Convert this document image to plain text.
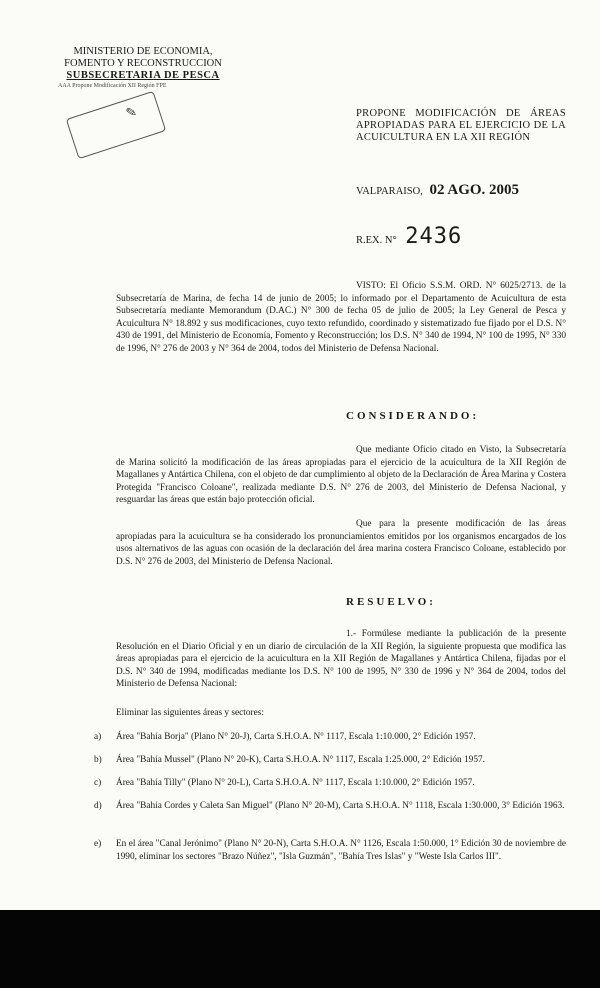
MINISTERIO DE ECONOMIA,
FOMENTO Y RECONSTRUCCION
SUBSECRETARIA DE PESCA
AAA Propone Modificación XII Región FPE
✎	PROPONE MODIFICACIÓN DE ÁREAS APROPIADAS PARA EL EJERCICIO DE LA ACUICULTURA EN LA XII REGIÓN
VALPARAISO, 02 AGO. 2005
R.EX. N° 2436
VISTO: El Oficio S.S.M. ORD. N° 6025/2713. de la Subsecretaría de Marina, de fecha 14 de junio de 2005; lo informado por el Departamento de Acuicultura de esta Subsecretaría mediante Memorandum (D.AC.) N° 300 de fecha 05 de julio de 2005; la Ley General de Pesca y Acuicultura N° 18.892 y sus modificaciones, cuyo texto refundido, coordinado y sistematizado fue fijado por el D.S. N° 430 de 1991, del Ministerio de Economía, Fomento y Reconstrucción; los D.S. N° 340 de 1994, N° 100 de 1995, N° 330 de 1996, N° 276 de 2003 y N° 364 de 2004, todos del Ministerio de Defensa Nacional.
CONSIDERANDO:
Que mediante Oficio citado en Visto, la Subsecretaría de Marina solicitó la modificación de las áreas apropiadas para el ejercicio de la acuicultura de la XII Región de Magallanes y Antártica Chilena, con el objeto de dar cumplimiento al objeto de la Declaración de Área Marina y Costera Protegida "Francisco Coloane", realizada mediante D.S. N° 276 de 2003, del Ministerio de Defensa Nacional, y resguardar las áreas que están bajo protección oficial.
Que para la presente modificación de las áreas apropiadas para la acuicultura se ha considerado los pronunciamientos emitidos por los organismos encargados de los usos alternativos de las aguas con ocasión de la declaración del área marina costera Francisco Coloane, establecido por D.S. N° 276 de 2003, del Ministerio de Defensa Nacional.
RESUELVO:
1.- Formúlese mediante la publicación de la presente Resolución en el Diario Oficial y en un diario de circulación de la XII Región, la siguiente propuesta que modifica las áreas apropiadas para el ejercicio de la acuicultura en la XII Región de Magallanes y Antártica Chilena, fijadas por el D.S. N° 340 de 1994, modificadas mediante los D.S. N° 100 de 1995, N° 330 de 1996 y N° 364 de 2004, todos del Ministerio de Defensa Nacional:
Eliminar las siguientes áreas y sectores:
a) Área "Bahía Borja" (Plano N° 20-J), Carta S.H.O.A. N° 1117, Escala 1:10.000, 2° Edición 1957.
b) Área "Bahía Mussel" (Plano N° 20-K), Carta S.H.O.A. N° 1117, Escala 1:25.000, 2° Edición 1957.
c) Área "Bahía Tilly" (Plano N° 20-L), Carta S.H.O.A. N° 1117, Escala 1:10.000, 2° Edición 1957.
d) Área "Bahía Cordes y Caleta San Miguel" (Plano N° 20-M), Carta S.H.O.A. N° 1118, Escala 1:30.000, 3° Edición 1963.
e) En el área "Canal Jerónimo" (Plano N° 20-N), Carta S.H.O.A. N° 1126, Escala 1:50.000, 1° Edición 30 de noviembre de 1990, eliminar los sectores "Brazo Núñez", "Isla Guzmán", "Bahía Tres Islas" y "Weste Isla Carlos III".
